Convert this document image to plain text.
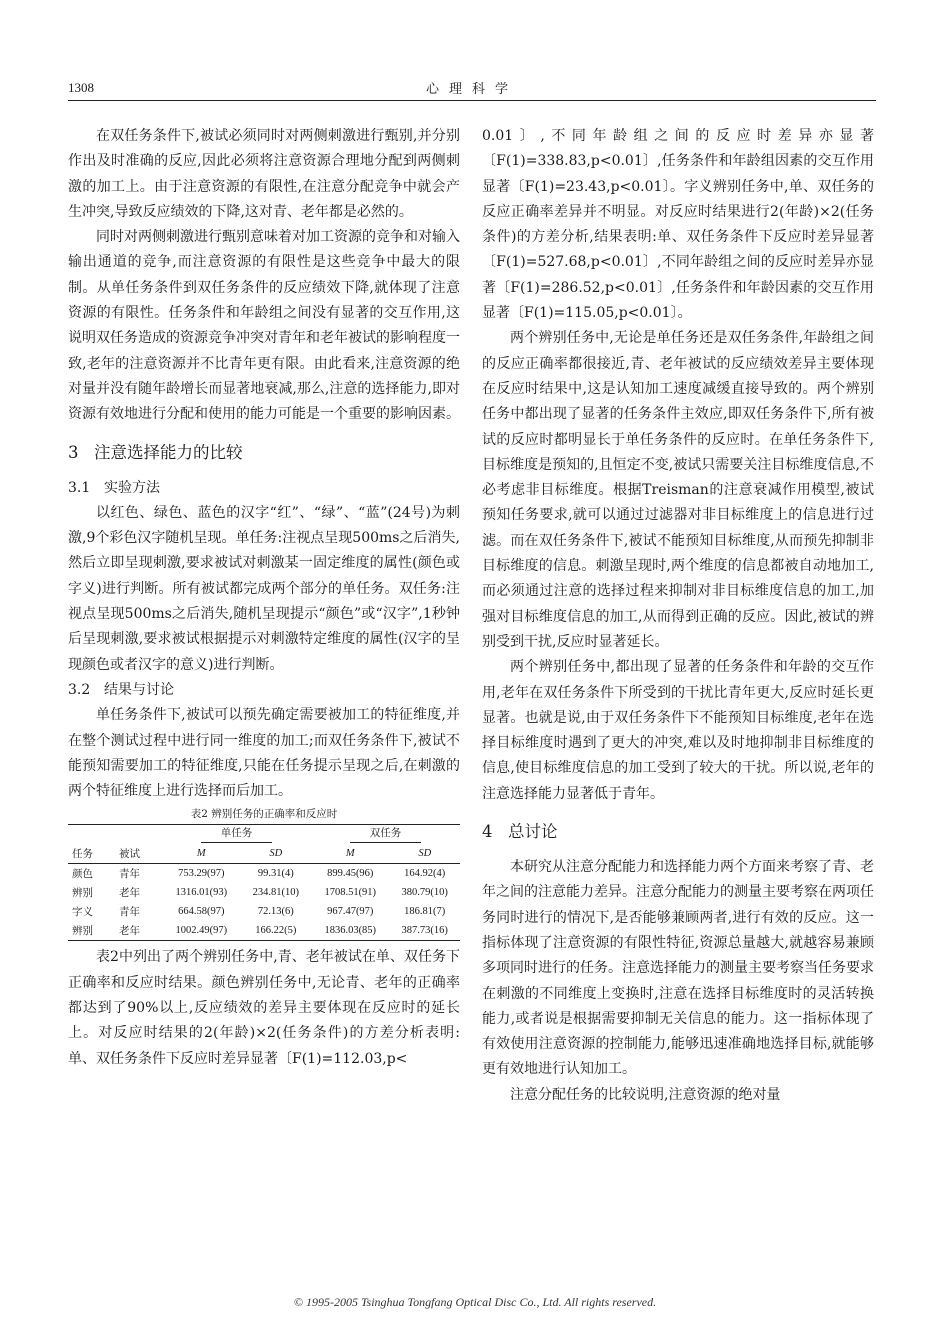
1308	心理科学

在双任务条件下,被试必须同时对两侧刺激进行甄别,并分别作出及时准确的反应,因此必须将注意资源合理地分配到两侧刺激的加工上。由于注意资源的有限性,在注意分配竞争中就会产生冲突,导致反应绩效的下降,这对青、老年都是必然的。

同时对两侧刺激进行甄别意味着对加工资源的竞争和对输入输出通道的竞争,而注意资源的有限性是这些竞争中最大的限制。从单任务条件到双任务条件的反应绩效下降,就体现了注意资源的有限性。任务条件和年龄组之间没有显著的交互作用,这说明双任务造成的资源竞争冲突对青年和老年被试的影响程度一致,老年的注意资源并不比青年更有限。由此看来,注意资源的绝对量并没有随年龄增长而显著地衰减,那么,注意的选择能力,即对资源有效地进行分配和使用的能力可能是一个重要的影响因素。

3 注意选择能力的比较
3.1 实验方法

以红色、绿色、蓝色的汉字“红”、“绿”、“蓝”(24号)为刺激,9个彩色汉字随机呈现。单任务:注视点呈现500ms之后消失,然后立即呈现刺激,要求被试对刺激某一固定维度的属性(颜色或字义)进行判断。所有被试都完成两个部分的单任务。双任务:注视点呈现500ms之后消失,随机呈现提示“颜色”或“汉字”,1秒钟后呈现刺激,要求被试根据提示对刺激特定维度的属性(汉字的呈现颜色或者汉字的意义)进行判断。

3.2 结果与讨论

单任务条件下,被试可以预先确定需要被加工的特征维度,并在整个测试过程中进行同一维度的加工;而双任务条件下,被试不能预知需要加工的特征维度,只能在任务提示呈现之后,在刺激的两个特征维度上进行选择而后加工。

表2 辨别任务的正确率和反应时
		单任务		双任务	
任务	被试	M	SD	M	SD
颜色	青年	753.29(97)	99.31(4)	899.45(96)	164.92(4)
辨别	老年	1316.01(93)	234.81(10)	1708.51(91)	380.79(10)
字义	青年	664.58(97)	72.13(6)	967.47(97)	186.81(7)
辨别	老年	1002.49(97)	166.22(5)	1836.03(85)	387.73(16)

表2中列出了两个辨别任务中,青、老年被试在单、双任务下正确率和反应时结果。颜色辨别任务中,无论青、老年的正确率都达到了90%以上,反应绩效的差异主要体现在反应时的延长上。对反应时结果的2(年龄)×2(任务条件)的方差分析表明:单、双任务条件下反应时差异显著〔F(1)=112.03,p<

0.01〕,不同年龄组之间的反应时差异亦显著〔F(1)=338.83,p<0.01〕,任务条件和年龄组因素的交互作用显著〔F(1)=23.43,p<0.01〕。字义辨别任务中,单、双任务的反应正确率差异并不明显。对反应时结果进行2(年龄)×2(任务条件)的方差分析,结果表明:单、双任务条件下反应时差异显著〔F(1)=527.68,p<0.01〕,不同年龄组之间的反应时差异亦显著〔F(1)=286.52,p<0.01〕,任务条件和年龄因素的交互作用显著〔F(1)=115.05,p<0.01〕。

两个辨别任务中,无论是单任务还是双任务条件,年龄组之间的反应正确率都很接近,青、老年被试的反应绩效差异主要体现在反应时结果中,这是认知加工速度减缓直接导致的。两个辨别任务中都出现了显著的任务条件主效应,即双任务条件下,所有被试的反应时都明显长于单任务条件的反应时。在单任务条件下,目标维度是预知的,且恒定不变,被试只需要关注目标维度信息,不必考虑非目标维度。根据Treisman的注意衰减作用模型,被试预知任务要求,就可以通过过滤器对非目标维度上的信息进行过滤。而在双任务条件下,被试不能预知目标维度,从而预先抑制非目标维度的信息。刺激呈现时,两个维度的信息都被自动地加工,而必须通过注意的选择过程来抑制对非目标维度信息的加工,加强对目标维度信息的加工,从而得到正确的反应。因此,被试的辨别受到干扰,反应时显著延长。

两个辨别任务中,都出现了显著的任务条件和年龄的交互作用,老年在双任务条件下所受到的干扰比青年更大,反应时延长更显著。也就是说,由于双任务条件下不能预知目标维度,老年在选择目标维度时遇到了更大的冲突,难以及时地抑制非目标维度的信息,使目标维度信息的加工受到了较大的干扰。所以说,老年的注意选择能力显著低于青年。

4 总讨论

本研究从注意分配能力和选择能力两个方面来考察了青、老年之间的注意能力差异。注意分配能力的测量主要考察在两项任务同时进行的情况下,是否能够兼顾两者,进行有效的反应。这一指标体现了注意资源的有限性特征,资源总量越大,就越容易兼顾多项同时进行的任务。注意选择能力的测量主要考察当任务要求在刺激的不同维度上变换时,注意在选择目标维度时的灵活转换能力,或者说是根据需要抑制无关信息的能力。这一指标体现了有效使用注意资源的控制能力,能够迅速准确地选择目标,就能够更有效地进行认知加工。

注意分配任务的比较说明,注意资源的绝对量

© 1995-2005 Tsinghua Tongfang Optical Disc Co., Ltd. All rights reserved.
